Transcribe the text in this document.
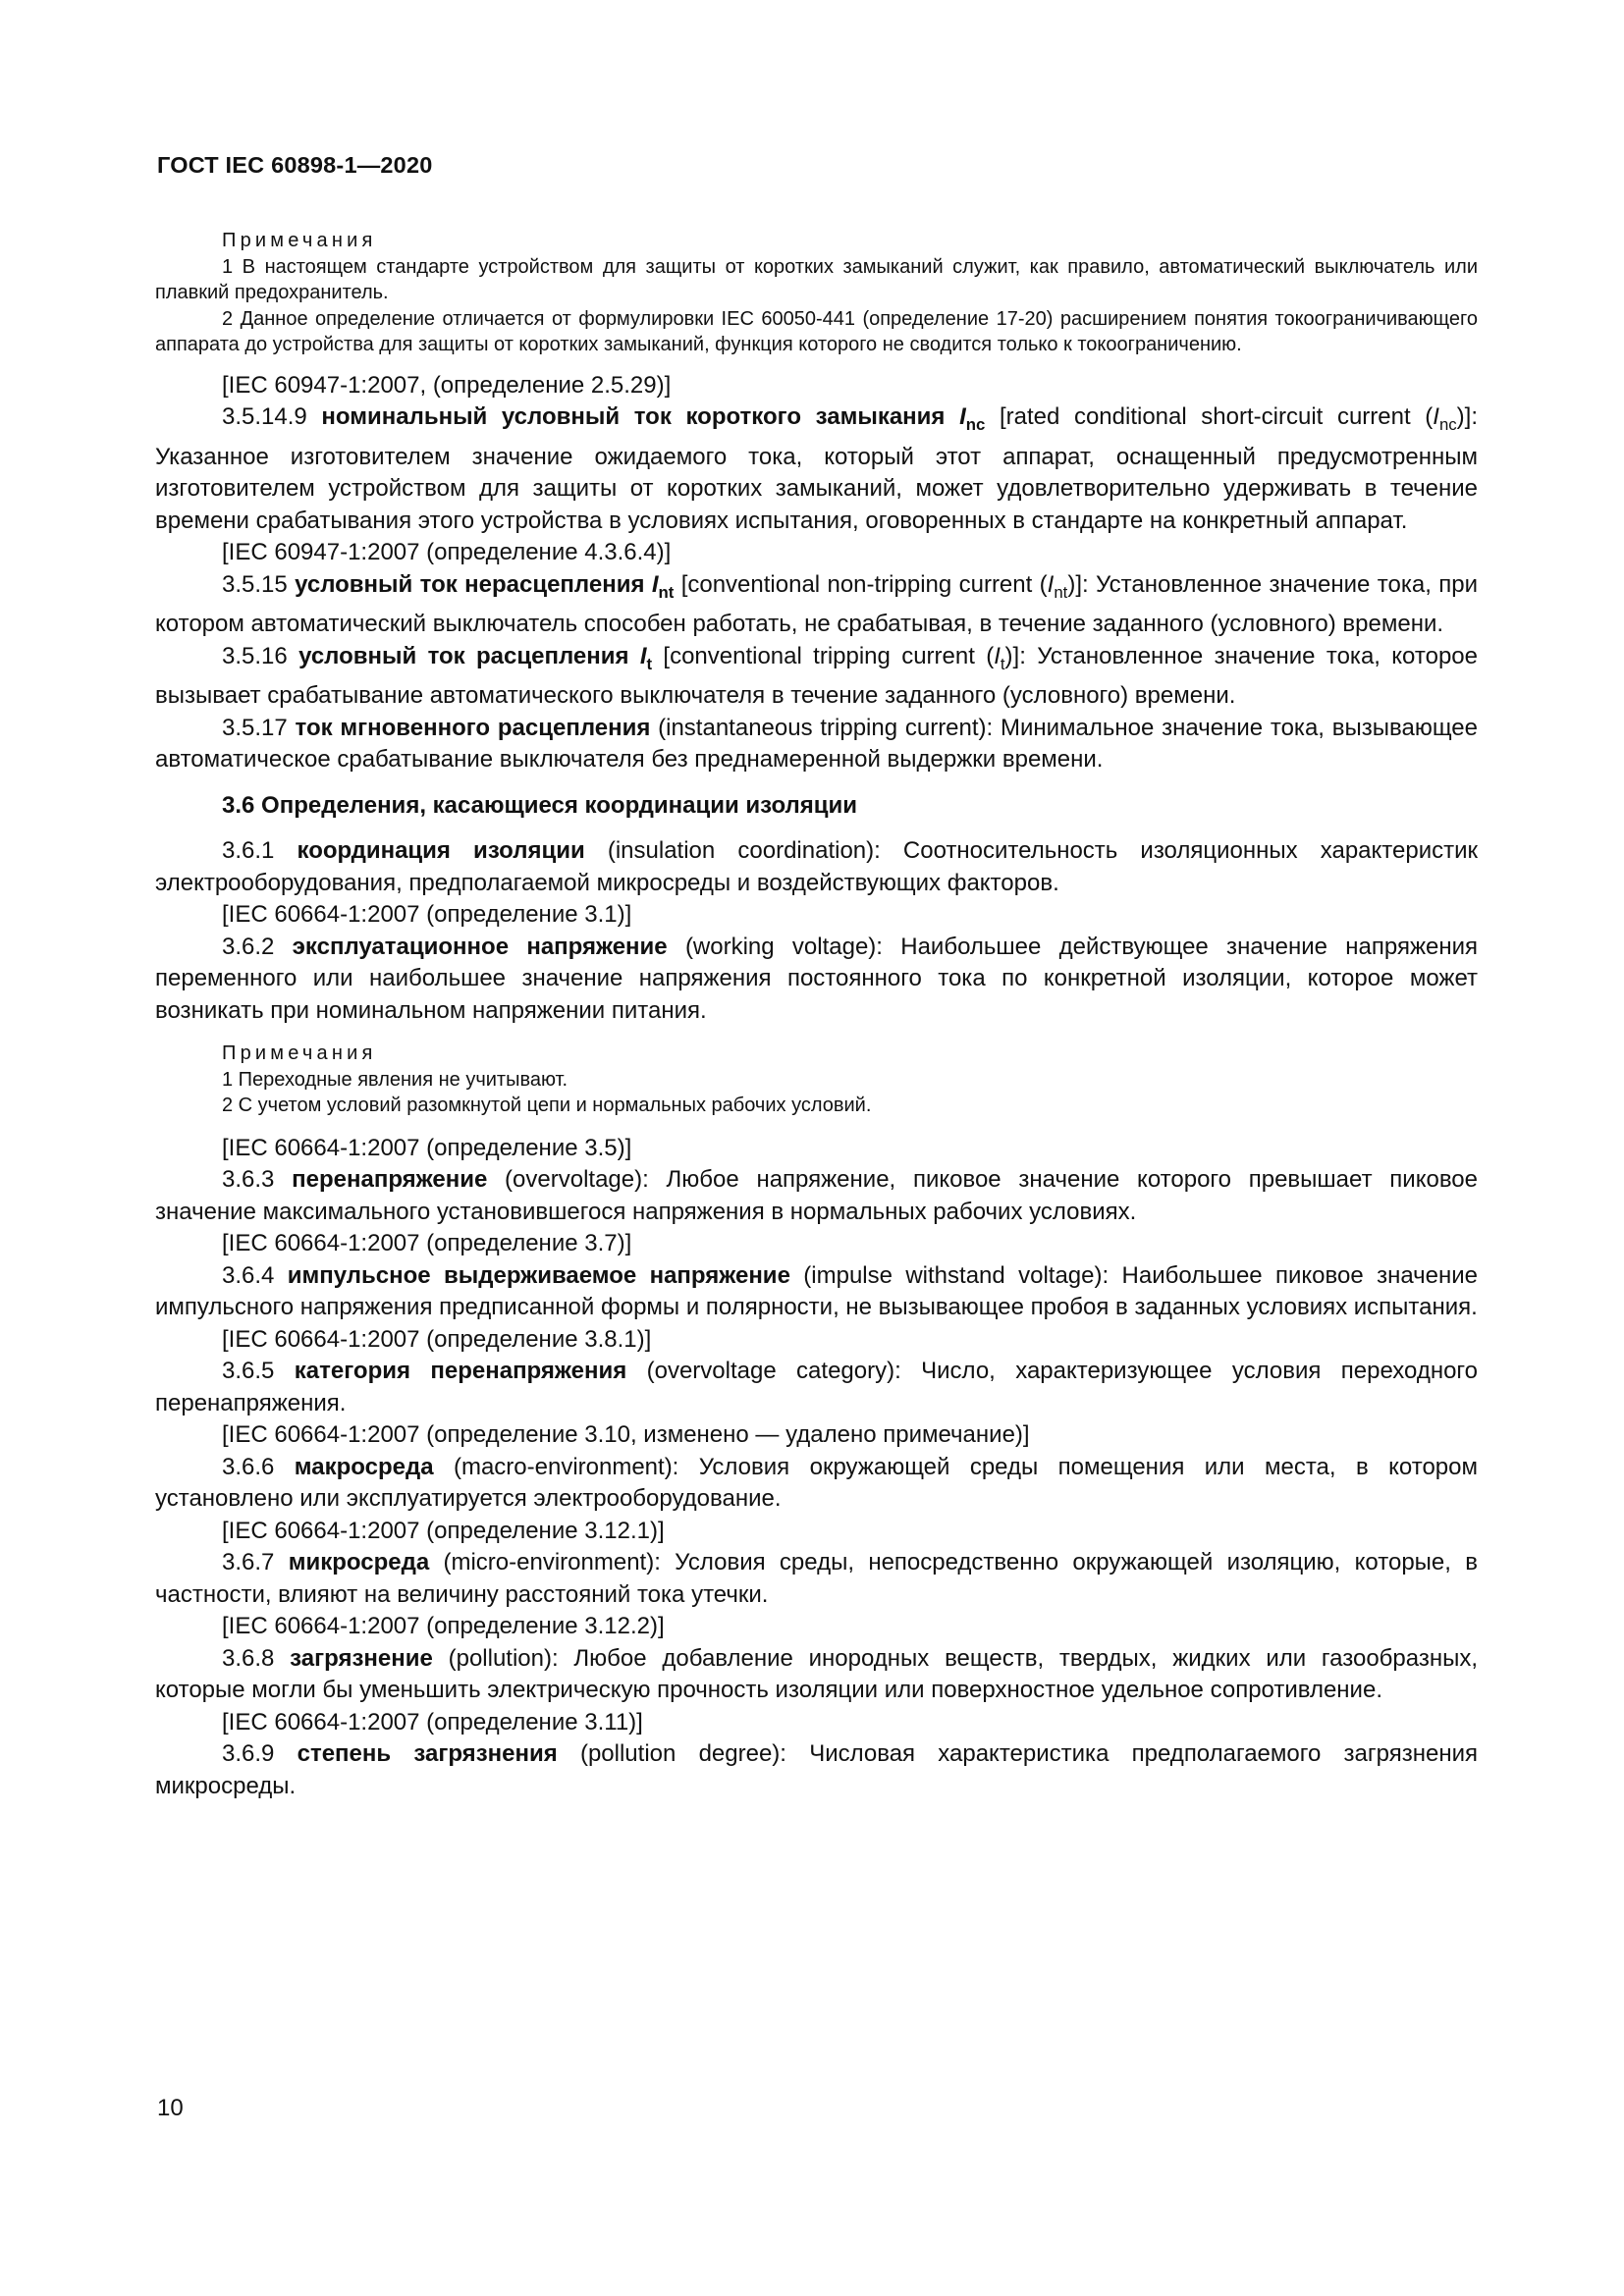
ГОСТ IEC 60898-1—2020

Примечания

1 В настоящем стандарте устройством для защиты от коротких замыканий служит, как правило, автоматический выключатель или плавкий предохранитель.

2 Данное определение отличается от формулировки IEC 60050-441 (определение 17-20) расширением понятия токоограничивающего аппарата до устройства для защиты от коротких замыканий, функция которого не сводится только к токоограничению.

[IEC 60947-1:2007, (определение 2.5.29)]

3.5.14.9 номинальный условный ток короткого замыкания $I_{nc}$ [rated conditional short-circuit current $(I_{nc})$]: Указанное изготовителем значение ожидаемого тока, который этот аппарат, оснащенный предусмотренным изготовителем устройством для защиты от коротких замыканий, может удовлетворительно удерживать в течение времени срабатывания этого устройства в условиях испытания, оговоренных в стандарте на конкретный аппарат.

[IEC 60947-1:2007 (определение 4.3.6.4)]

3.5.15 условный ток нерасцепления $I_{nt}$ [conventional non-tripping current $(I_{nt})$]: Установленное значение тока, при котором автоматический выключатель способен работать, не срабатывая, в течение заданного (условного) времени.

3.5.16 условный ток расцепления $I_t$ [conventional tripping current $(I_t)$]: Установленное значение тока, которое вызывает срабатывание автоматического выключателя в течение заданного (условного) времени.

3.5.17 ток мгновенного расцепления (instantaneous tripping current): Минимальное значение тока, вызывающее автоматическое срабатывание выключателя без преднамеренной выдержки времени.

3.6 Определения, касающиеся координации изоляции

3.6.1 координация изоляции (insulation coordination): Соотносительность изоляционных характеристик электрооборудования, предполагаемой микросреды и воздействующих факторов.

[IEC 60664-1:2007 (определение 3.1)]

3.6.2 эксплуатационное напряжение (working voltage): Наибольшее действующее значение напряжения переменного или наибольшее значение напряжения постоянного тока по конкретной изоляции, которое может возникать при номинальном напряжении питания.

Примечания

1 Переходные явления не учитывают.

2 С учетом условий разомкнутой цепи и нормальных рабочих условий.

[IEC 60664-1:2007 (определение 3.5)]

3.6.3 перенапряжение (overvoltage): Любое напряжение, пиковое значение которого превышает пиковое значение максимального установившегося напряжения в нормальных рабочих условиях.

[IEC 60664-1:2007 (определение 3.7)]

3.6.4 импульсное выдерживаемое напряжение (impulse withstand voltage): Наибольшее пиковое значение импульсного напряжения предписанной формы и полярности, не вызывающее пробоя в заданных условиях испытания.

[IEC 60664-1:2007 (определение 3.8.1)]

3.6.5 категория перенапряжения (overvoltage category): Число, характеризующее условия переходного перенапряжения.

[IEC 60664-1:2007 (определение 3.10, изменено — удалено примечание)]

3.6.6 макросреда (macro-environment): Условия окружающей среды помещения или места, в котором установлено или эксплуатируется электрооборудование.

[IEC 60664-1:2007 (определение 3.12.1)]

3.6.7 микросреда (micro-environment): Условия среды, непосредственно окружающей изоляцию, которые, в частности, влияют на величину расстояний тока утечки.

[IEC 60664-1:2007 (определение 3.12.2)]

3.6.8 загрязнение (pollution): Любое добавление инородных веществ, твердых, жидких или газообразных, которые могли бы уменьшить электрическую прочность изоляции или поверхностное удельное сопротивление.

[IEC 60664-1:2007 (определение 3.11)]

3.6.9 степень загрязнения (pollution degree): Числовая характеристика предполагаемого загрязнения микросреды.

10
